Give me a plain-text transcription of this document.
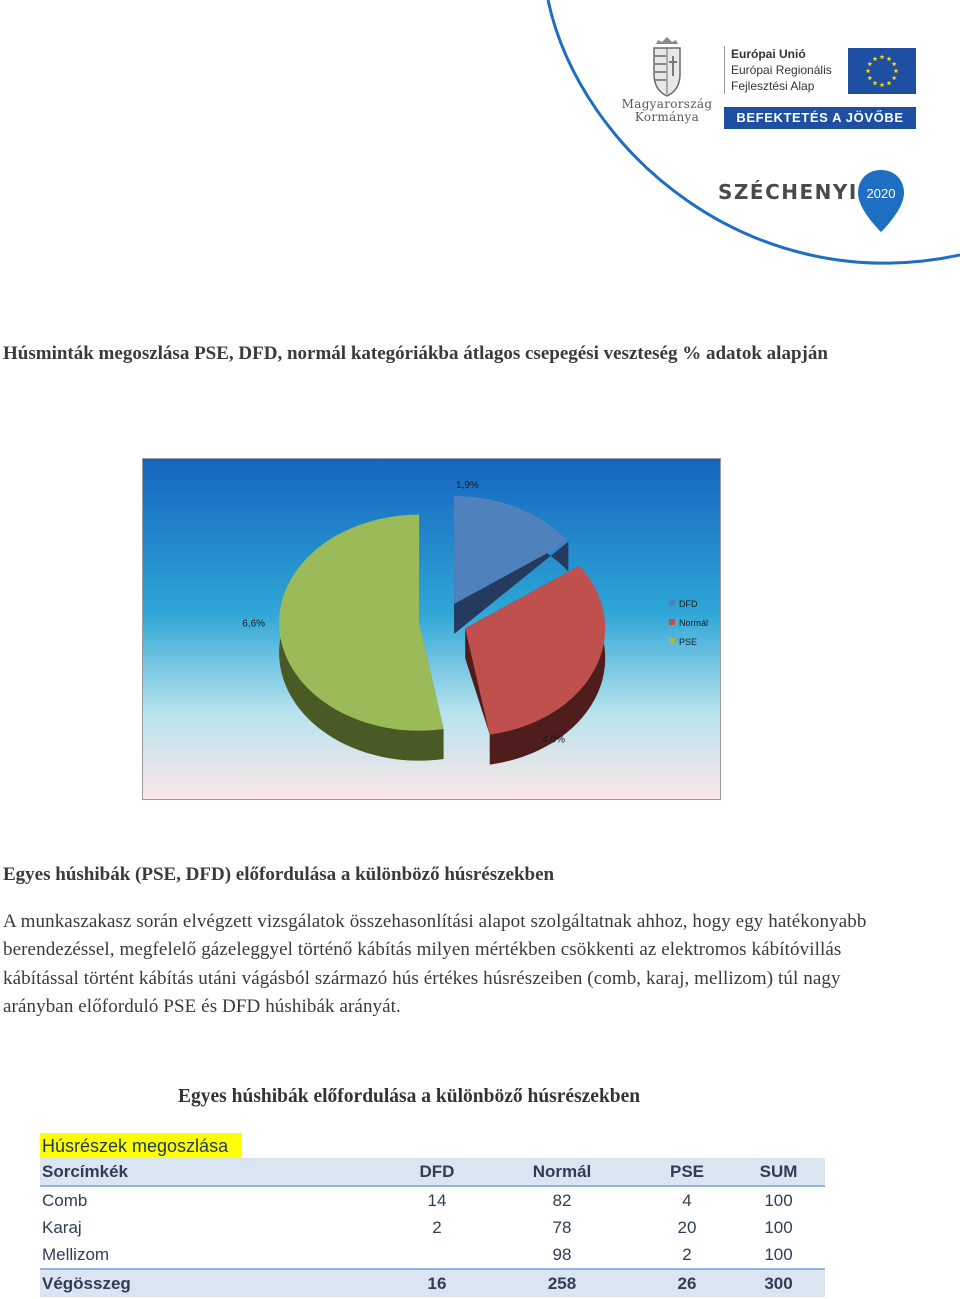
Magyarország
Kormánya
Európai Unió
Európai Regionális
Fejlesztési Alap
BEFEKTETÉS A JÖVŐBE
SZÉCHENYI 2020
Húsminták megoszlása PSE, DFD, normál kategóriákba átlagos csepegési veszteség % adatok alapján
1,9%
4,0%
6,6%
DFD
Normál
PSE
Egyes húshibák (PSE, DFD) előfordulása a különböző húsrészekben
A munkaszakasz során elvégzett vizsgálatok összehasonlítási alapot szolgáltatnak ahhoz, hogy egy hatékonyabb berendezéssel, megfelelő gázeleggyel történő kábítás milyen mértékben csökkenti az elektromos kábítóvillás kábítással történt kábítás utáni vágásból származó hús értékes húsrészeiben (comb, karaj, mellizom) túl nagy arányban előforduló PSE és DFD húshibák arányát.
Egyes húshibák előfordulása a különböző húsrészekben
Húsrészek megoszlása
Sorcímkék	DFD	Normál	PSE	SUM
Comb	14	82	4	100
Karaj	2	78	20	100
Mellizom		98	2	100
Végösszeg	16	258	26	300
